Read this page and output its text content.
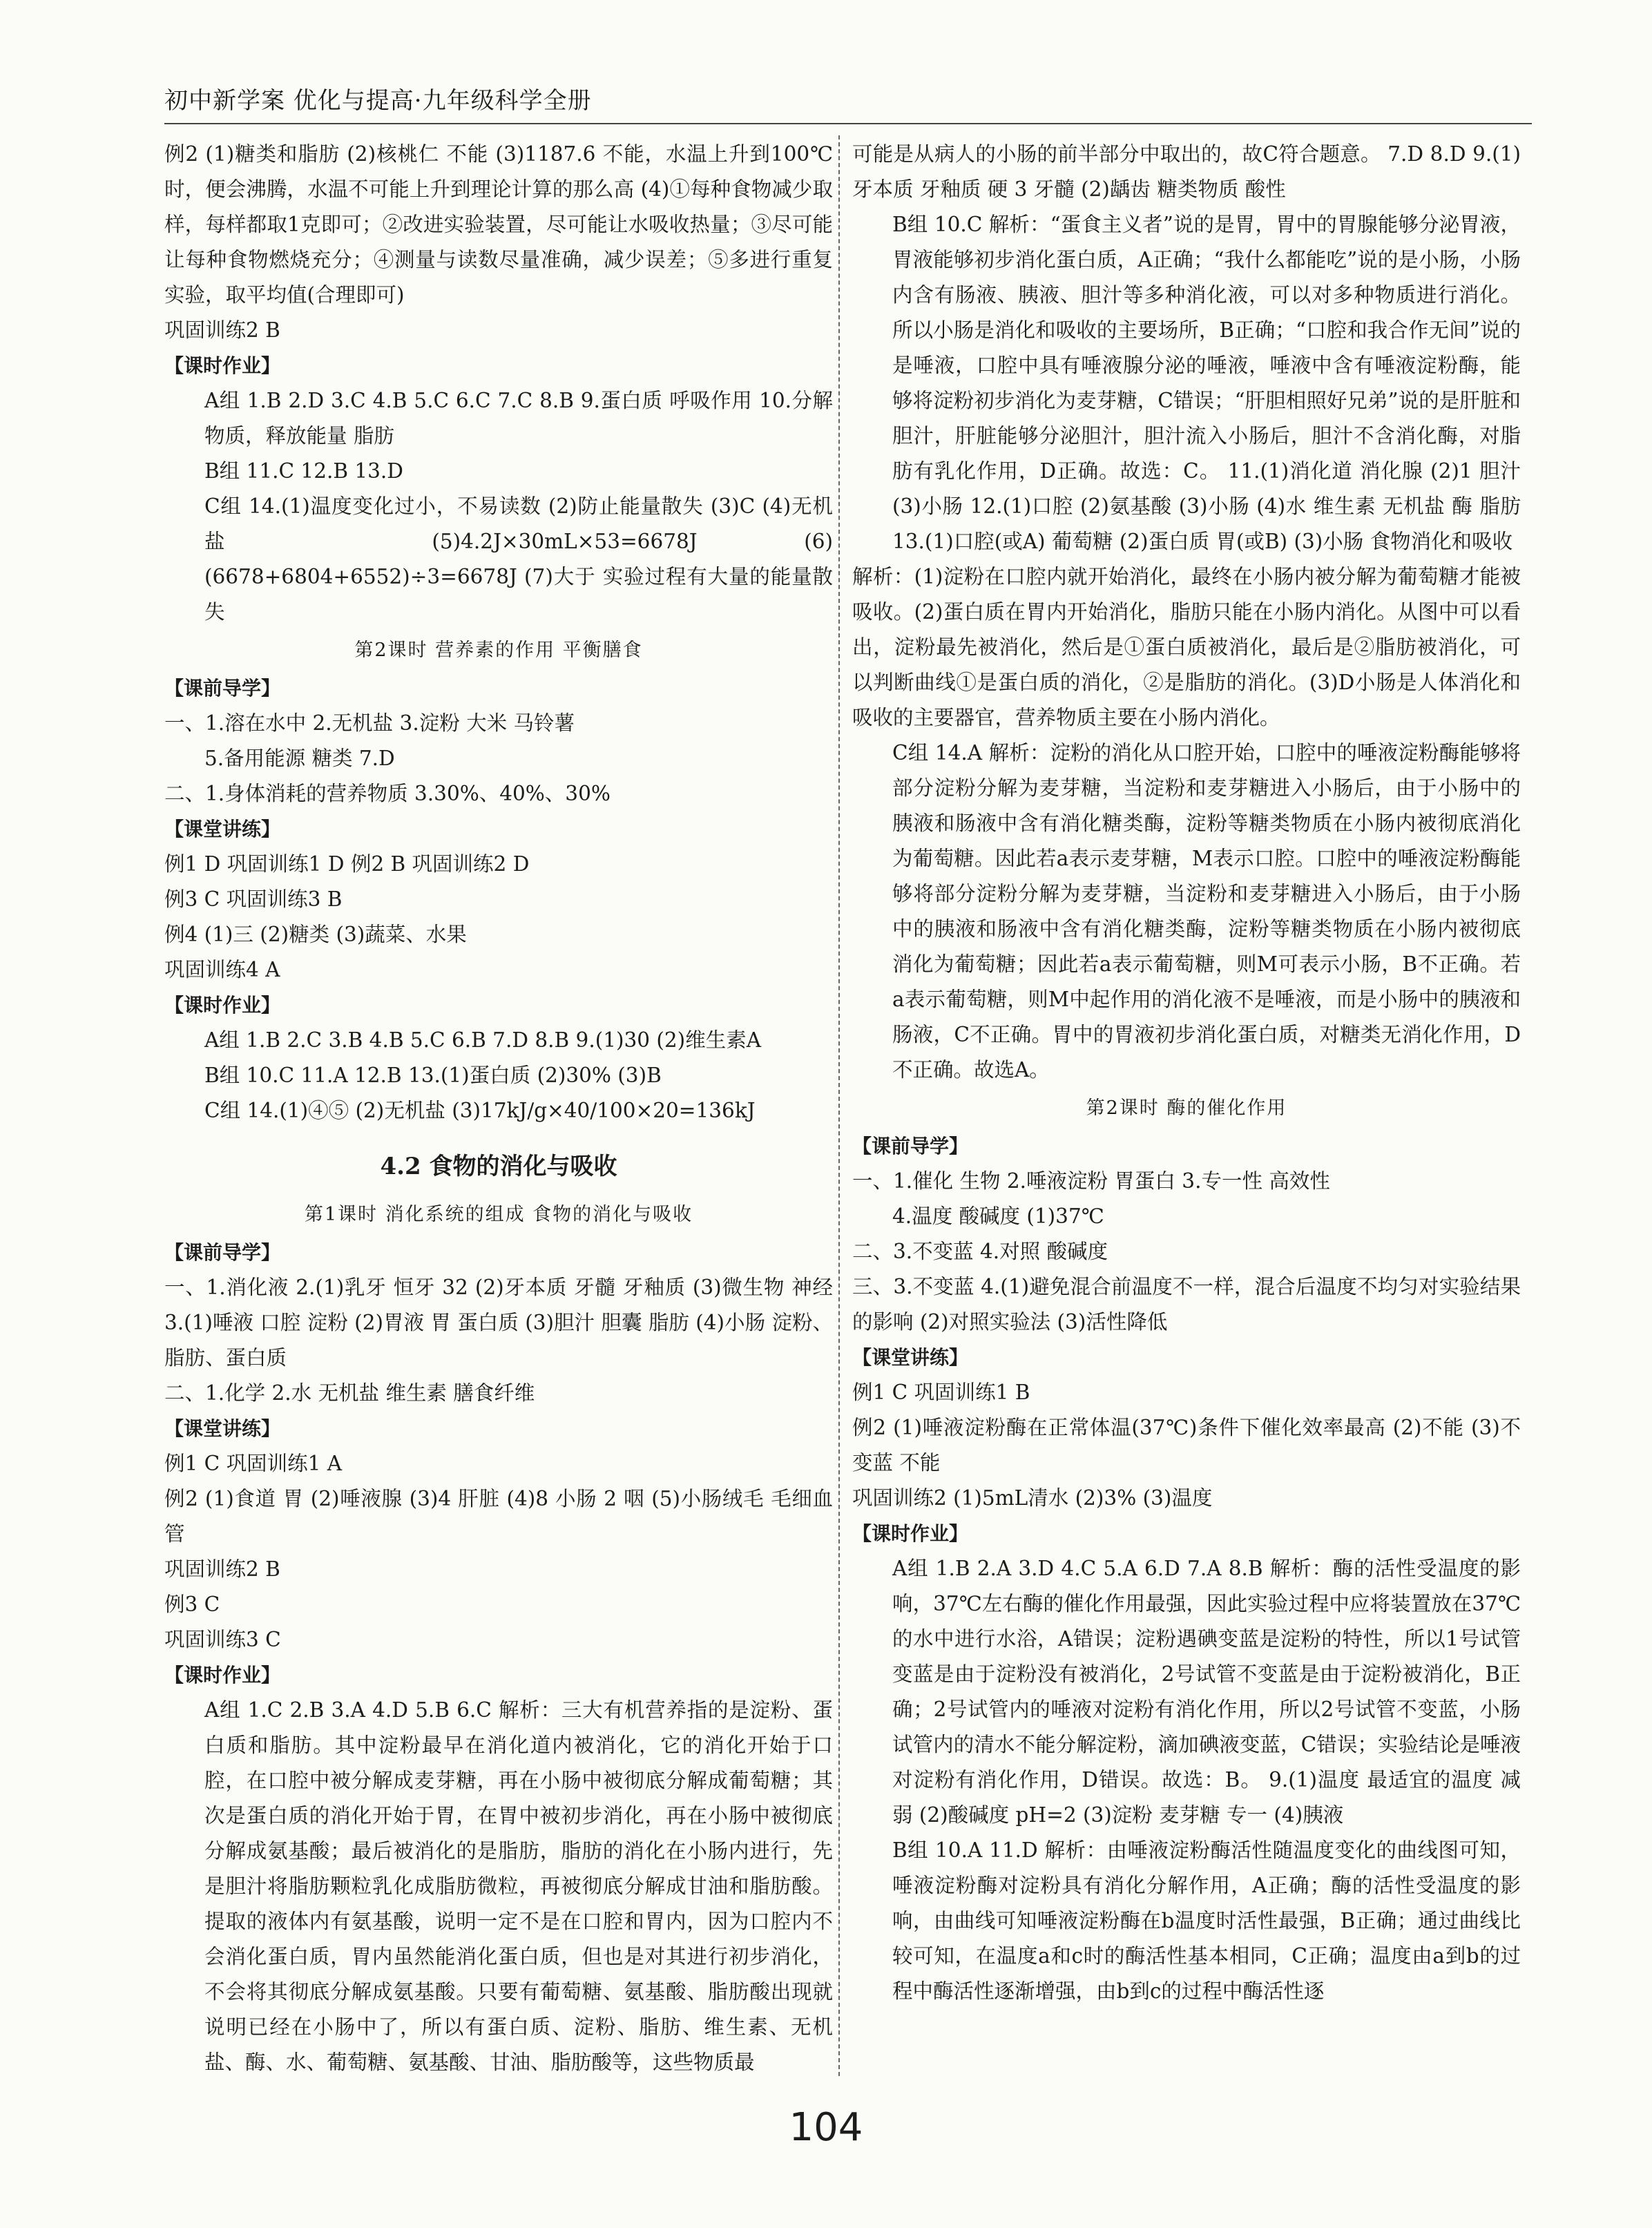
初中新学案 优化与提高·九年级科学全册
例2 (1)糖类和脂肪 (2)核桃仁 不能 (3)1187.6 不能，水温上升到100℃时，便会沸腾，水温不可能上升到理论计算的那么高 (4)①每种食物减少取样，每样都取1克即可；②改进实验装置，尽可能让水吸收热量；③尽可能让每种食物燃烧充分；④测量与读数尽量准确，减少误差；⑤多进行重复实验，取平均值(合理即可)
巩固训练2 B
【课时作业】
A组 1.B 2.D 3.C 4.B 5.C 6.C 7.C 8.B 9.蛋白质 呼吸作用 10.分解物质，释放能量 脂肪
B组 11.C 12.B 13.D
C组 14.(1)温度变化过小，不易读数 (2)防止能量散失 (3)C (4)无机盐 (5)4.2J×30mL×53=6678J (6)(6678+6804+6552)÷3=6678J (7)大于 实验过程有大量的能量散失
第2课时 营养素的作用 平衡膳食
【课前导学】
一、1.溶在水中 2.无机盐 3.淀粉 大米 马铃薯
5.备用能源 糖类 7.D
二、1.身体消耗的营养物质 3.30%、40%、30%
【课堂讲练】
例1 D 巩固训练1 D 例2 B 巩固训练2 D
例3 C 巩固训练3 B
例4 (1)三 (2)糖类 (3)蔬菜、水果
巩固训练4 A
【课时作业】
A组 1.B 2.C 3.B 4.B 5.C 6.B 7.D 8.B 9.(1)30 (2)维生素A
B组 10.C 11.A 12.B 13.(1)蛋白质 (2)30% (3)B
C组 14.(1)④⑤ (2)无机盐 (3)17kJ/g×40/100×20=136kJ
4.2 食物的消化与吸收
第1课时 消化系统的组成 食物的消化与吸收
【课前导学】
一、1.消化液 2.(1)乳牙 恒牙 32 (2)牙本质 牙髓 牙釉质 (3)微生物 神经 3.(1)唾液 口腔 淀粉 (2)胃液 胃 蛋白质 (3)胆汁 胆囊 脂肪 (4)小肠 淀粉、脂肪、蛋白质
二、1.化学 2.水 无机盐 维生素 膳食纤维
【课堂讲练】
例1 C 巩固训练1 A
例2 (1)食道 胃 (2)唾液腺 (3)4 肝脏 (4)8 小肠 2 咽 (5)小肠绒毛 毛细血管
巩固训练2 B
例3 C
巩固训练3 C
【课时作业】
A组 1.C 2.B 3.A 4.D 5.B 6.C 解析：三大有机营养指的是淀粉、蛋白质和脂肪。其中淀粉最早在消化道内被消化，它的消化开始于口腔，在口腔中被分解成麦芽糖，再在小肠中被彻底分解成葡萄糖；其次是蛋白质的消化开始于胃，在胃中被初步消化，再在小肠中被彻底分解成氨基酸；最后被消化的是脂肪，脂肪的消化在小肠内进行，先是胆汁将脂肪颗粒乳化成脂肪微粒，再被彻底分解成甘油和脂肪酸。提取的液体内有氨基酸，说明一定不是在口腔和胃内，因为口腔内不会消化蛋白质，胃内虽然能消化蛋白质，但也是对其进行初步消化，不会将其彻底分解成氨基酸。只要有葡萄糖、氨基酸、脂肪酸出现就说明已经在小肠中了，所以有蛋白质、淀粉、脂肪、维生素、无机盐、酶、水、葡萄糖、氨基酸、甘油、脂肪酸等，这些物质最
可能是从病人的小肠的前半部分中取出的，故C符合题意。 7.D 8.D 9.(1)牙本质 牙釉质 硬 3 牙髓 (2)龋齿 糖类物质 酸性
B组 10.C 解析：“蛋食主义者”说的是胃，胃中的胃腺能够分泌胃液，胃液能够初步消化蛋白质，A正确；“我什么都能吃”说的是小肠，小肠内含有肠液、胰液、胆汁等多种消化液，可以对多种物质进行消化。所以小肠是消化和吸收的主要场所，B正确；“口腔和我合作无间”说的是唾液，口腔中具有唾液腺分泌的唾液，唾液中含有唾液淀粉酶，能够将淀粉初步消化为麦芽糖，C错误；“肝胆相照好兄弟”说的是肝脏和胆汁，肝脏能够分泌胆汁，胆汁流入小肠后，胆汁不含消化酶，对脂肪有乳化作用，D正确。故选：C。 11.(1)消化道 消化腺 (2)1 胆汁 (3)小肠 12.(1)口腔 (2)氨基酸 (3)小肠 (4)水 维生素 无机盐 酶 脂肪 13.(1)口腔(或A) 葡萄糖 (2)蛋白质 胃(或B) (3)小肠 食物消化和吸收
解析：(1)淀粉在口腔内就开始消化，最终在小肠内被分解为葡萄糖才能被吸收。(2)蛋白质在胃内开始消化，脂肪只能在小肠内消化。从图中可以看出，淀粉最先被消化，然后是①蛋白质被消化，最后是②脂肪被消化，可以判断曲线①是蛋白质的消化，②是脂肪的消化。(3)D小肠是人体消化和吸收的主要器官，营养物质主要在小肠内消化。
C组 14.A 解析：淀粉的消化从口腔开始，口腔中的唾液淀粉酶能够将部分淀粉分解为麦芽糖，当淀粉和麦芽糖进入小肠后，由于小肠中的胰液和肠液中含有消化糖类酶，淀粉等糖类物质在小肠内被彻底消化为葡萄糖。因此若a表示麦芽糖，M表示口腔。口腔中的唾液淀粉酶能够将部分淀粉分解为麦芽糖，当淀粉和麦芽糖进入小肠后，由于小肠中的胰液和肠液中含有消化糖类酶，淀粉等糖类物质在小肠内被彻底消化为葡萄糖；因此若a表示葡萄糖，则M可表示小肠，B不正确。若a表示葡萄糖，则M中起作用的消化液不是唾液，而是小肠中的胰液和肠液，C不正确。胃中的胃液初步消化蛋白质，对糖类无消化作用，D不正确。故选A。
第2课时 酶的催化作用
【课前导学】
一、1.催化 生物 2.唾液淀粉 胃蛋白 3.专一性 高效性
4.温度 酸碱度 (1)37℃
二、3.不变蓝 4.对照 酸碱度
三、3.不变蓝 4.(1)避免混合前温度不一样，混合后温度不均匀对实验结果的影响 (2)对照实验法 (3)活性降低
【课堂讲练】
例1 C 巩固训练1 B
例2 (1)唾液淀粉酶在正常体温(37℃)条件下催化效率最高 (2)不能 (3)不变蓝 不能
巩固训练2 (1)5mL清水 (2)3% (3)温度
【课时作业】
A组 1.B 2.A 3.D 4.C 5.A 6.D 7.A 8.B 解析：酶的活性受温度的影响，37℃左右酶的催化作用最强，因此实验过程中应将装置放在37℃的水中进行水浴，A错误；淀粉遇碘变蓝是淀粉的特性，所以1号试管变蓝是由于淀粉没有被消化，2号试管不变蓝是由于淀粉被消化，B正确；2号试管内的唾液对淀粉有消化作用，所以2号试管不变蓝，小肠试管内的清水不能分解淀粉，滴加碘液变蓝，C错误；实验结论是唾液对淀粉有消化作用，D错误。故选：B。 9.(1)温度 最适宜的温度 减弱 (2)酸碱度 pH=2 (3)淀粉 麦芽糖 专一 (4)胰液
B组 10.A 11.D 解析：由唾液淀粉酶活性随温度变化的曲线图可知，唾液淀粉酶对淀粉具有消化分解作用，A正确；酶的活性受温度的影响，由曲线可知唾液淀粉酶在b温度时活性最强，B正确；通过曲线比较可知，在温度a和c时的酶活性基本相同，C正确；温度由a到b的过程中酶活性逐渐增强，由b到c的过程中酶活性逐
104
